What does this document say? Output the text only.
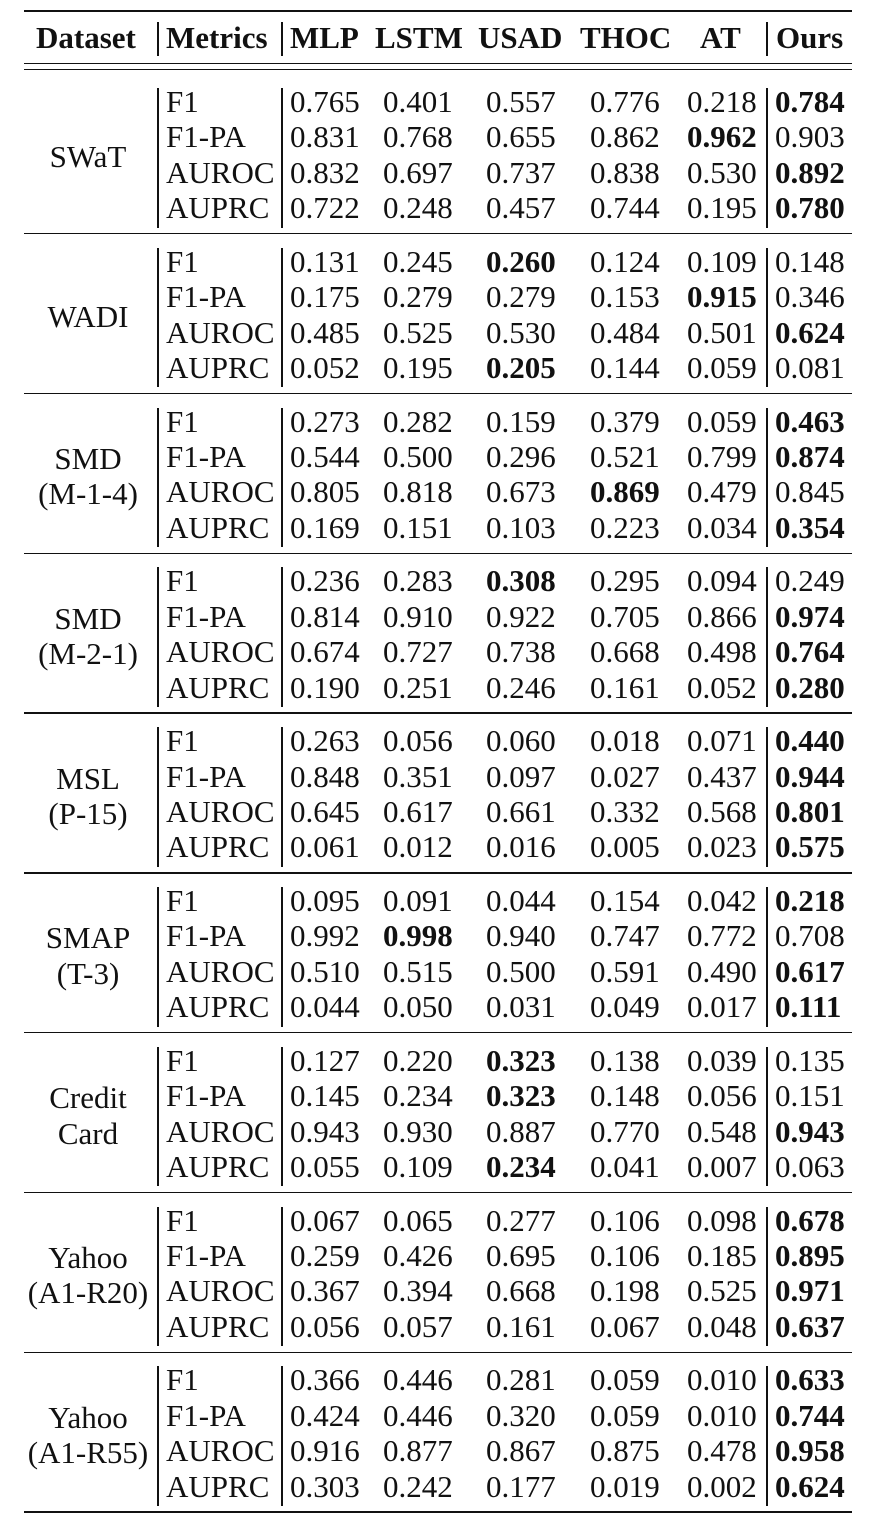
Dataset Metrics MLP LSTM USAD THOC AT Ours
SWaT
F1	0.765 0.401 0.557 0.776 0.218 0.784
F1-PA 0.831 0.768 0.655 0.862 0.962 0.903
AUROC 0.832 0.697 0.737 0.838 0.530 0.892
AUPRC 0.722 0.248 0.457 0.744 0.195 0.780
WADI
F1	0.131 0.245 0.260 0.124 0.109 0.148
F1-PA 0.175 0.279 0.279 0.153 0.915 0.346
AUROC 0.485 0.525 0.530 0.484 0.501 0.624
AUPRC 0.052 0.195 0.205 0.144 0.059 0.081
SMD
(M-1-4)
F1	0.273 0.282 0.159 0.379 0.059 0.463
F1-PA 0.544 0.500 0.296 0.521 0.799 0.874
AUROC 0.805 0.818 0.673 0.869 0.479 0.845
AUPRC 0.169 0.151 0.103 0.223 0.034 0.354
SMD
(M-2-1)
F1	0.236 0.283 0.308 0.295 0.094 0.249
F1-PA 0.814 0.910 0.922 0.705 0.866 0.974
AUROC 0.674 0.727 0.738 0.668 0.498 0.764
AUPRC 0.190 0.251 0.246 0.161 0.052 0.280
MSL
(P-15)
F1	0.263 0.056 0.060 0.018 0.071 0.440
F1-PA 0.848 0.351 0.097 0.027 0.437 0.944
AUROC 0.645 0.617 0.661 0.332 0.568 0.801
AUPRC 0.061 0.012 0.016 0.005 0.023 0.575
SMAP
(T-3)
F1	0.095 0.091 0.044 0.154 0.042 0.218
F1-PA 0.992 0.998 0.940 0.747 0.772 0.708
AUROC 0.510 0.515 0.500 0.591 0.490 0.617
AUPRC 0.044 0.050 0.031 0.049 0.017 0.111
Credit
Card
F1	0.127 0.220 0.323 0.138 0.039 0.135
F1-PA 0.145 0.234 0.323 0.148 0.056 0.151
AUROC 0.943 0.930 0.887 0.770 0.548 0.943
AUPRC 0.055 0.109 0.234 0.041 0.007 0.063
Yahoo
(A1-R20)
F1	0.067 0.065 0.277 0.106 0.098 0.678
F1-PA 0.259 0.426 0.695 0.106 0.185 0.895
AUROC 0.367 0.394 0.668 0.198 0.525 0.971
AUPRC 0.056 0.057 0.161 0.067 0.048 0.637
Yahoo
(A1-R55)
F1	0.366 0.446 0.281 0.059 0.010 0.633
F1-PA 0.424 0.446 0.320 0.059 0.010 0.744
AUROC 0.916 0.877 0.867 0.875 0.478 0.958
AUPRC 0.303 0.242 0.177 0.019 0.002 0.624
